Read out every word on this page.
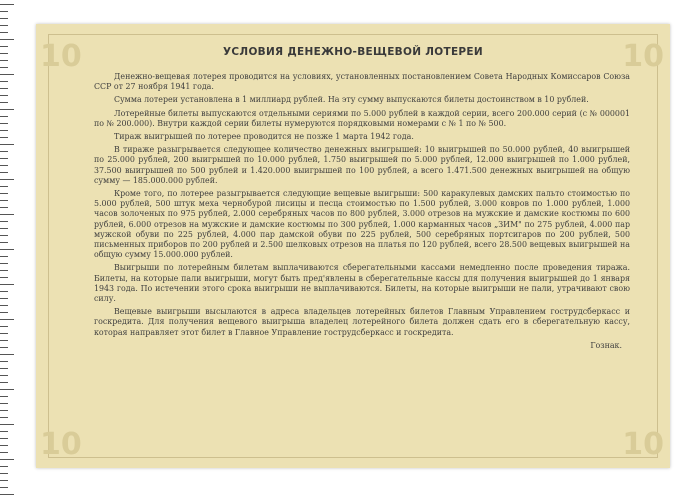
10	10
10	10
УСЛОВИЯ ДЕНЕЖНО-ВЕЩЕВОЙ ЛОТЕРЕИ

Денежно-вещевая лотерея проводится на условиях, установленных постановлением Совета Народных Комиссаров Союза ССР от 27 ноября 1941 года.

Сумма лотереи установлена в 1 миллиард рублей. На эту сумму выпускаются билеты достоинством в 10 рублей.

Лотерейные билеты выпускаются отдельными сериями по 5.000 рублей в каждой серии, всего 200.000 серий (с № 000001 по № 200.000). Внутри каждой серии билеты нумеруются порядковыми номерами с № 1 по № 500.

Тираж выигрышей по лотерее проводится не позже 1 марта 1942 года.

В тираже разыгрывается следующее количество денежных выигрышей: 10 выигрышей по 50.000 рублей, 40 выигрышей по 25.000 рублей, 200 выигрышей по 10.000 рублей, 1.750 выигрышей по 5.000 рублей, 12.000 выигрышей по 1.000 рублей, 37.500 выигрышей по 500 рублей и 1.420.000 выигрышей по 100 рублей, а всего 1.471.500 денежных выигрышей на общую сумму — 185.000.000 рублей.

Кроме того, по лотерее разыгрывается следующие вещевые выигрыши: 500 каракулевых дамских пальто стоимостью по 5.000 рублей, 500 штук меха чернобурой лисицы и песца стоимостью по 1.500 рублей, 3.000 ковров по 1.000 рублей, 1.000 часов золоченых по 975 рублей, 2.000 серебряных часов по 800 рублей, 3.000 отрезов на мужские и дамские костюмы по 600 рублей, 6.000 отрезов на мужские и дамские костюмы по 300 рублей, 1.000 карманных часов „ЗИМ" по 275 рублей, 4.000 пар мужской обуви по 225 рублей, 4.000 пар дамской обуви по 225 рублей, 500 серебряных портсигаров по 200 рублей, 500 письменных приборов по 200 рублей и 2.500 шелковых отрезов на платья по 120 рублей, всего 28.500 вещевых выигрышей на общую сумму 15.000.000 рублей.

Выигрыши по лотерейным билетам выплачиваются сберегательными кассами немедленно после проведения тиража. Билеты, на которые пали выигрыши, могут быть пред'явлены в сберегательные кассы для получения выигрышей до 1 января 1943 года. По истечении этого срока выигрыши не выплачиваются. Билеты, на которые выигрыши не пали, утрачивают свою силу.

Вещевые выигрыши высылаются в адреса владельцев лотерейных билетов Главным Управлением гострудсберкасс и госкредита. Для получения вещевого выигрыша владелец лотерейного билета должен сдать его в сберегательную кассу, которая направляет этот билет в Главное Управление гострудсберкасс и госкредита.

Гознак.
